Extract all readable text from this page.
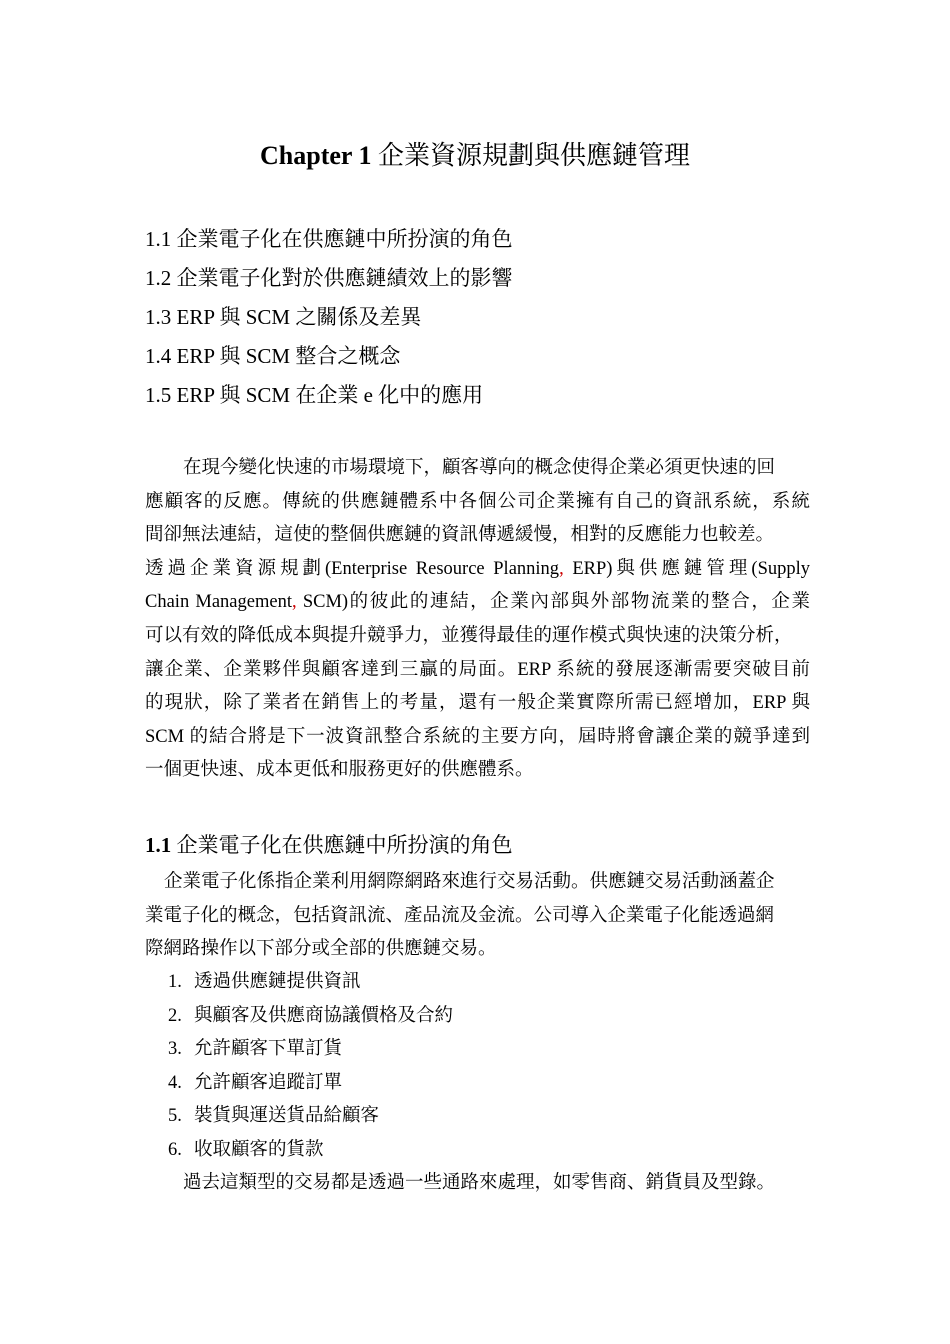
Chapter 1 企業資源規劃與供應鏈管理
1.1 企業電子化在供應鏈中所扮演的角色
1.2 企業電子化對於供應鏈績效上的影響
1.3 ERP 與 SCM 之關係及差異
1.4 ERP 與 SCM 整合之概念
1.5 ERP 與 SCM 在企業 e 化中的應用
在現今變化快速的市場環境下，顧客導向的概念使得企業必須更快速的回
應顧客的反應。傳統的供應鏈體系中各個公司企業擁有自己的資訊系統，系統
間卻無法連結，這使的整個供應鏈的資訊傳遞緩慢，相對的反應能力也較差。
透過企業資源規劃(Enterprise Resource Planning, ERP)與供應鏈管理(Supply
Chain Management, SCM)的彼此的連結，企業內部與外部物流業的整合，企業
可以有效的降低成本與提升競爭力，並獲得最佳的運作模式與快速的決策分析，
讓企業、企業夥伴與顧客達到三贏的局面。ERP 系統的發展逐漸需要突破目前
的現狀，除了業者在銷售上的考量，還有一般企業實際所需已經增加，ERP 與
SCM 的結合將是下一波資訊整合系統的主要方向，屆時將會讓企業的競爭達到
一個更快速、成本更低和服務更好的供應體系。
1.1 企業電子化在供應鏈中所扮演的角色
企業電子化係指企業利用網際網路來進行交易活動。供應鏈交易活動涵蓋企
業電子化的概念，包括資訊流、產品流及金流。公司導入企業電子化能透過網
際網路操作以下部分或全部的供應鏈交易。
1. 透過供應鏈提供資訊
2. 與顧客及供應商協議價格及合約
3. 允許顧客下單訂貨
4. 允許顧客追蹤訂單
5. 裝貨與運送貨品給顧客
6. 收取顧客的貨款
過去這類型的交易都是透過一些通路來處理，如零售商、銷貨員及型錄。
